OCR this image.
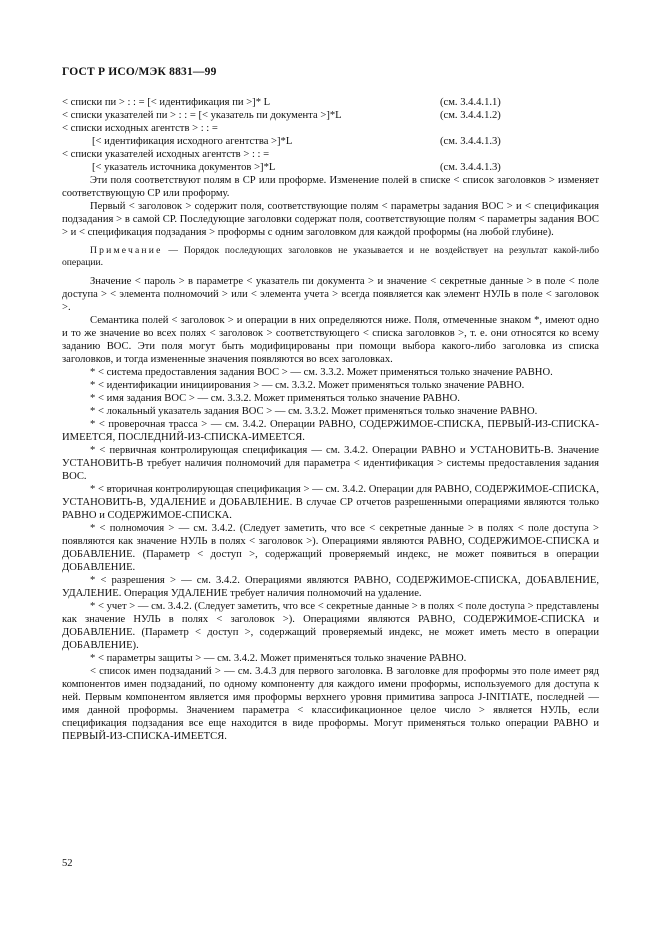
ГОСТ Р ИСО/МЭК 8831—99
< списки пи > : : = [< идентификация пи >]* L	(см. 3.4.4.1.1)
< списки указателей пи > : : = [< указатель пи документа >]*L	(см. 3.4.4.1.2)
< списки исходных агентств > : : =
[< идентификация исходного агентства >]*L	(см. 3.4.4.1.3)
< списки указателей исходных агентств > : : =
[< указатель источника документов >]*L	(см. 3.4.4.1.3)

Эти поля соответствуют полям в СР или проформе. Изменение полей в списке < список заголовков > изменяет соответствующую СР или проформу.

Первый < заголовок > содержит поля, соответствующие полям < параметры задания ВОС > и < спецификация подзадания > в самой СР. Последующие заголовки содержат поля, соответствующие полям < параметры задания ВОС > и < спецификация подзадания > проформы с одним заголовком для каждой проформы (на любой глубине).

Примечание — Порядок последующих заголовков не указывается и не воздействует на результат какой-либо операции.

Значение < пароль > в параметре < указатель пи документа > и значение < секретные данные > в поле < поле доступа > < элемента полномочий > или < элемента учета > всегда появляется как элемент НУЛЬ в поле < заголовок >.

Семантика полей < заголовок > и операции в них определяются ниже. Поля, отмеченные знаком *, имеют одно и то же значение во всех полях < заголовок > соответствующего < списка заголовков >, т. е. они относятся ко всему заданию ВОС. Эти поля могут быть модифицированы при помощи выбора какого-либо заголовка из списка заголовков, и тогда измененные значения появляются во всех заголовках.

* < система предоставления задания ВОС > — см. 3.3.2. Может применяться только значение РАВНО.

* < идентификации инициирования > — см. 3.3.2. Может применяться только значение РАВНО.

* < имя задания ВОС > — см. 3.3.2. Может применяться только значение РАВНО.

* < локальный указатель задания ВОС > — см. 3.3.2. Может применяться только значение РАВНО.

* < проверочная трасса > — см. 3.4.2. Операции РАВНО, СОДЕРЖИМОЕ-СПИСКА, ПЕРВЫЙ-ИЗ-СПИСКА-ИМЕЕТСЯ, ПОСЛЕДНИЙ-ИЗ-СПИСКА-ИМЕЕТСЯ.

* < первичная контролирующая спецификация — см. 3.4.2. Операции РАВНО и УСТАНОВИТЬ-В. Значение УСТАНОВИТЬ-В требует наличия полномочий для параметра < идентификация > системы предоставления задания ВОС.

* < вторичная контролирующая спецификация > — см. 3.4.2. Операции для РАВНО, СОДЕРЖИМОЕ-СПИСКА, УСТАНОВИТЬ-В, УДАЛЕНИЕ и ДОБАВЛЕНИЕ. В случае СР отчетов разрешенными операциями являются только РАВНО и СОДЕРЖИМОЕ-СПИСКА.

* < полномочия > — см. 3.4.2. (Следует заметить, что все < секретные данные > в полях < поле доступа > появляются как значение НУЛЬ в полях < заголовок >). Операциями являются РАВНО, СОДЕРЖИМОЕ-СПИСКА и ДОБАВЛЕНИЕ. (Параметр < доступ >, содержащий проверяемый индекс, не может появиться в операции ДОБАВЛЕНИЕ.

* < разрешения > — см. 3.4.2. Операциями являются РАВНО, СОДЕРЖИМОЕ-СПИСКА, ДОБАВЛЕНИЕ, УДАЛЕНИЕ. Операция УДАЛЕНИЕ требует наличия полномочий на удаление.

* < учет > — см. 3.4.2. (Следует заметить, что все < секретные данные > в полях < поле доступа > представлены как значение НУЛЬ в полях < заголовок >). Операциями являются РАВНО, СОДЕРЖИМОЕ-СПИСКА и ДОБАВЛЕНИЕ. (Параметр < доступ >, содержащий проверяемый индекс, не может иметь место в операции ДОБАВЛЕНИЕ).

* < параметры защиты > — см. 3.4.2. Может применяться только значение РАВНО.

< список имен подзаданий > — см. 3.4.3 для первого заголовка. В заголовке для проформы это поле имеет ряд компонентов имен подзаданий, по одному компоненту для каждого имени проформы, используемого для доступа к ней. Первым компонентом является имя проформы верхнего уровня примитива запроса J-INITIATE, последней — имя данной проформы. Значением параметра < классификационное целое число > является НУЛЬ, если спецификация подзадания все еще находится в виде проформы. Могут применяться только операции РАВНО и ПЕРВЫЙ-ИЗ-СПИСКА-ИМЕЕТСЯ.

52
